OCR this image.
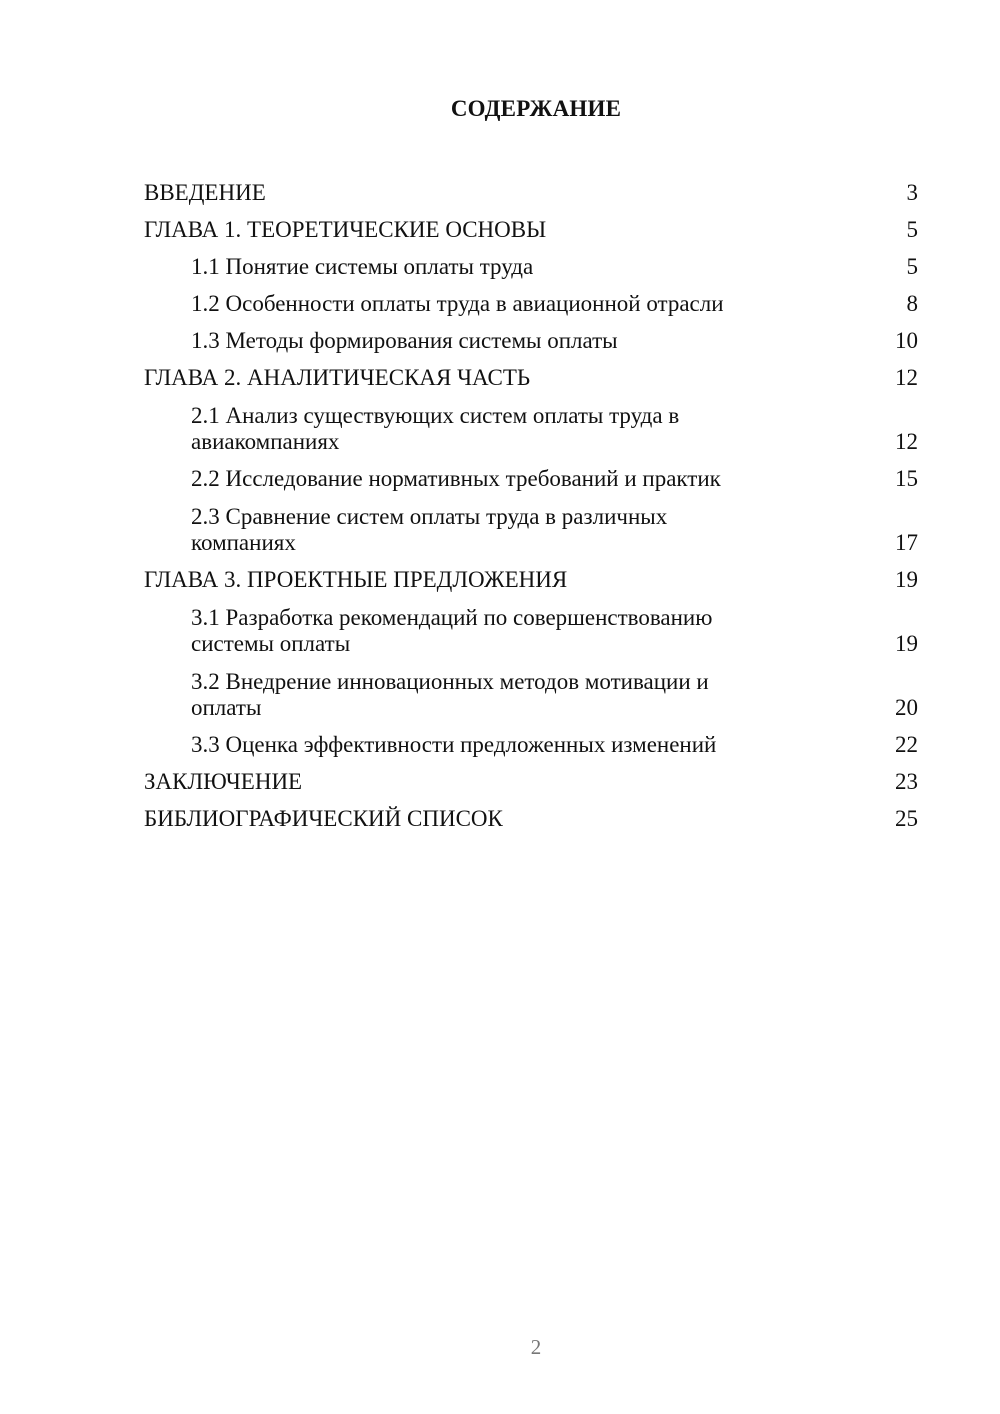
СОДЕРЖАНИЕ
ВВЕДЕНИЕ	3
ГЛАВА 1. ТЕОРЕТИЧЕСКИЕ ОСНОВЫ	5
1.1 Понятие системы оплаты труда	5
1.2 Особенности оплаты труда в авиационной отрасли	8
1.3 Методы формирования системы оплаты	10
ГЛАВА 2. АНАЛИТИЧЕСКАЯ ЧАСТЬ	12
2.1 Анализ существующих систем оплаты труда в авиакомпаниях	12
2.2 Исследование нормативных требований и практик	15
2.3 Сравнение систем оплаты труда в различных компаниях	17
ГЛАВА 3. ПРОЕКТНЫЕ ПРЕДЛОЖЕНИЯ	19
3.1 Разработка рекомендаций по совершенствованию системы оплаты	19
3.2 Внедрение инновационных методов мотивации и оплаты	20
3.3 Оценка эффективности предложенных изменений	22
ЗАКЛЮЧЕНИЕ	23
БИБЛИОГРАФИЧЕСКИЙ СПИСОК	25
2
